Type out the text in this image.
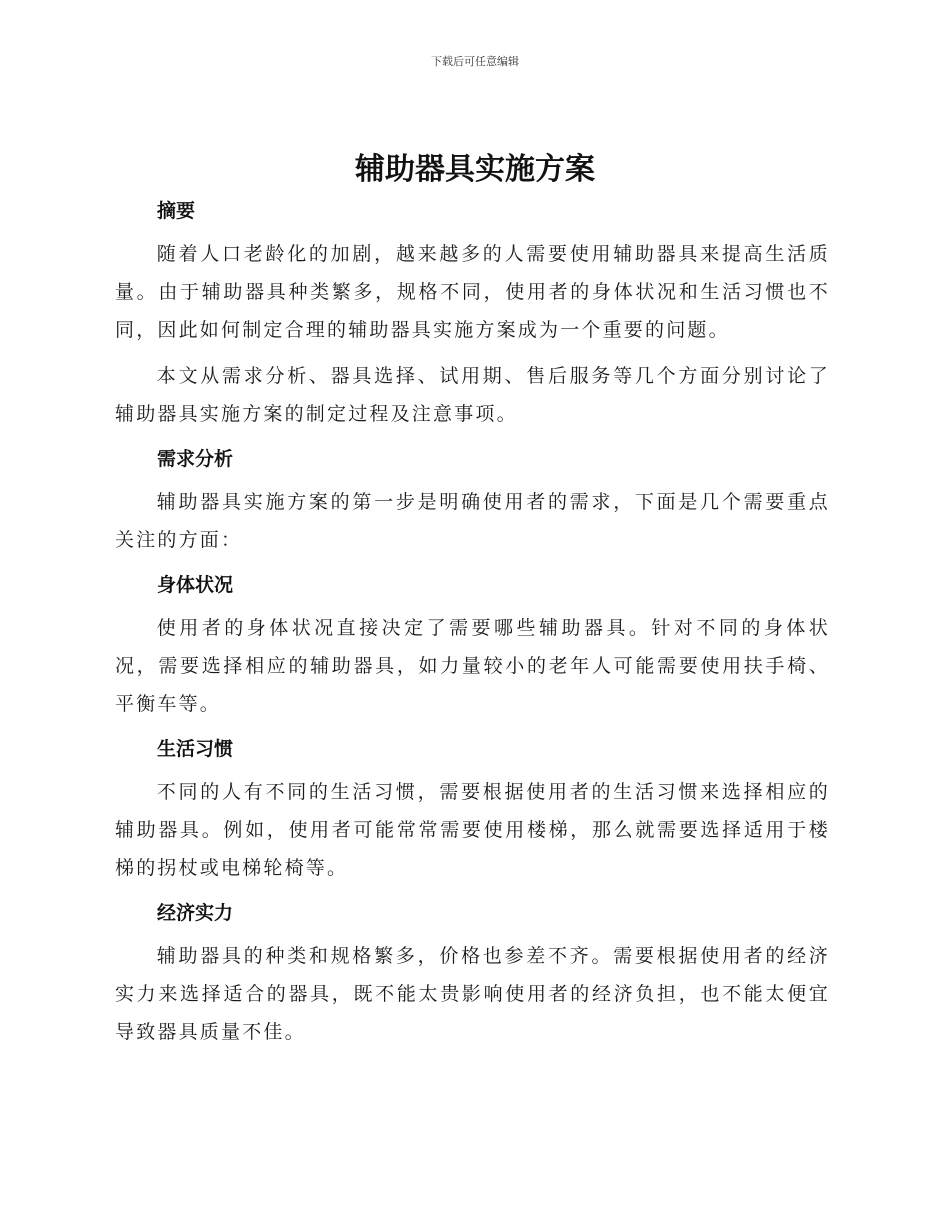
下载后可任意编辑
辅助器具实施方案
摘要

随着人口老龄化的加剧，越来越多的人需要使用辅助器具来提高生活质量。由于辅助器具种类繁多，规格不同，使用者的身体状况和生活习惯也不同，因此如何制定合理的辅助器具实施方案成为一个重要的问题。

本文从需求分析、器具选择、试用期、售后服务等几个方面分别讨论了辅助器具实施方案的制定过程及注意事项。

需求分析

辅助器具实施方案的第一步是明确使用者的需求，下面是几个需要重点关注的方面：

身体状况

使用者的身体状况直接决定了需要哪些辅助器具。针对不同的身体状况，需要选择相应的辅助器具，如力量较小的老年人可能需要使用扶手椅、平衡车等。

生活习惯

不同的人有不同的生活习惯，需要根据使用者的生活习惯来选择相应的辅助器具。例如，使用者可能常常需要使用楼梯，那么就需要选择适用于楼梯的拐杖或电梯轮椅等。

经济实力

辅助器具的种类和规格繁多，价格也参差不齐。需要根据使用者的经济实力来选择适合的器具，既不能太贵影响使用者的经济负担，也不能太便宜导致器具质量不佳。
